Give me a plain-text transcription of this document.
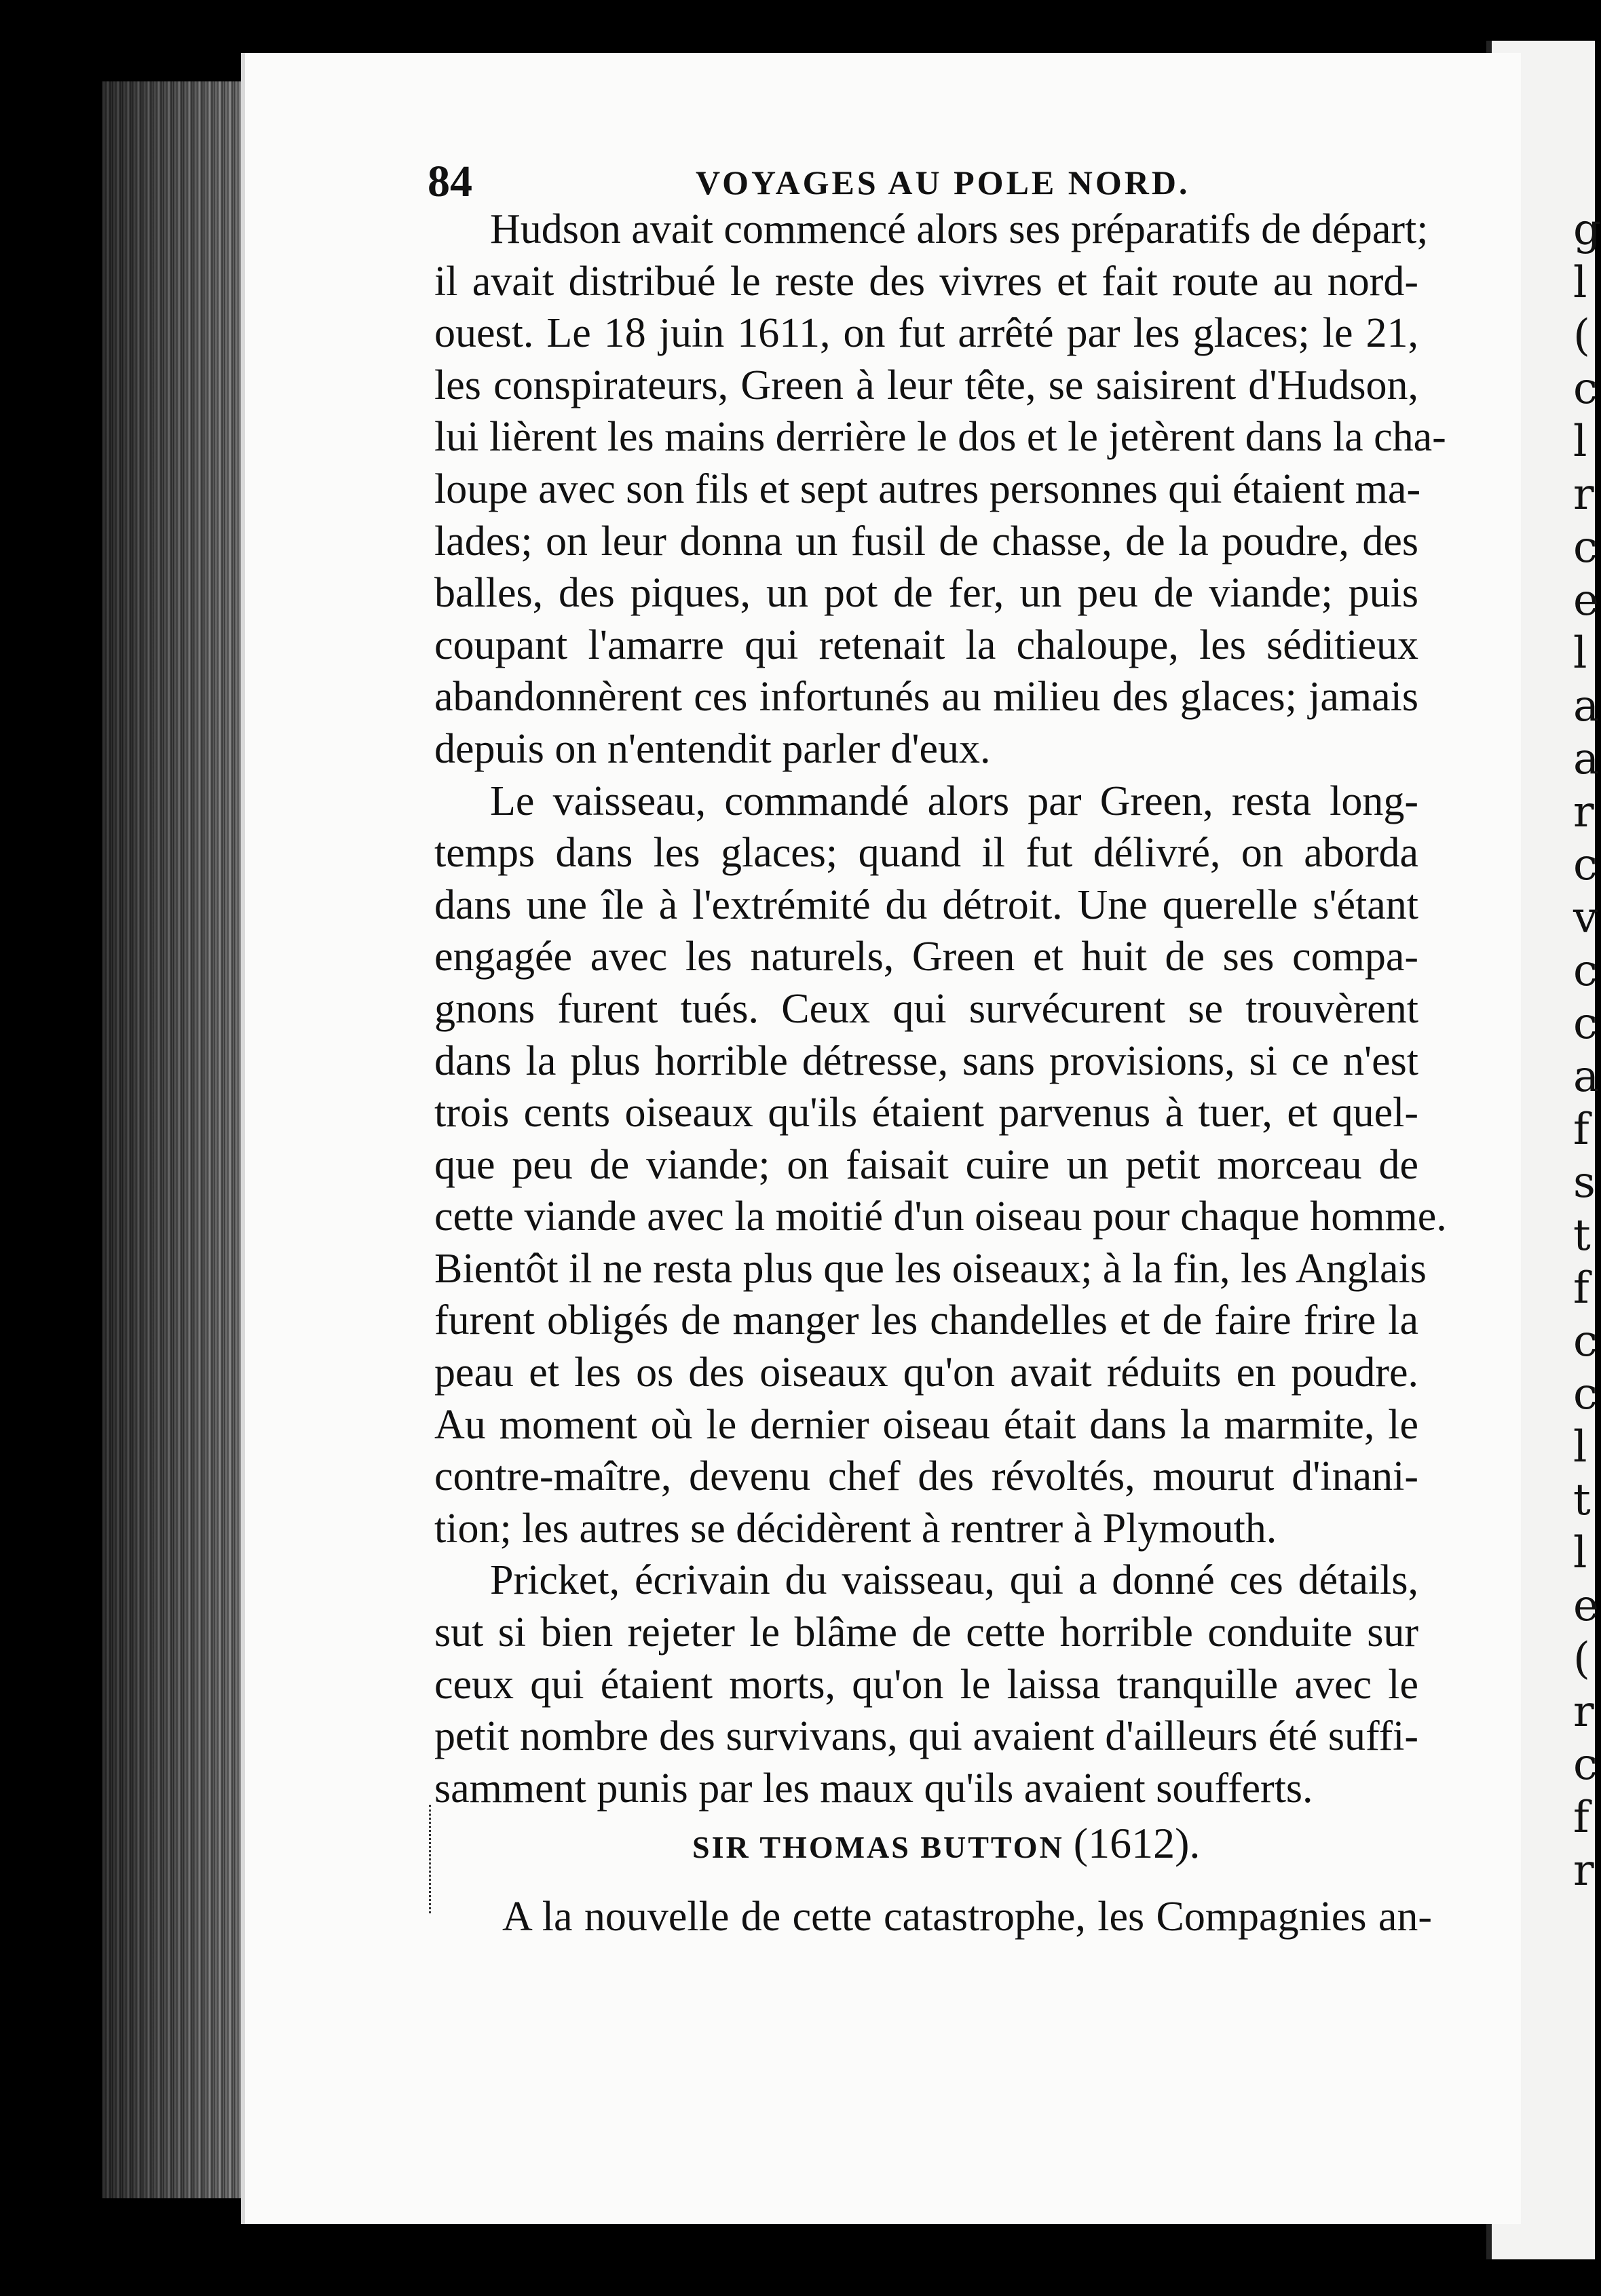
g
l
(
c
l
r
c
e
l
a
a
r
c
v
c
c
a
f
s
t
f
c
c
l
t
l
e
(
r
c
f
r
84	VOYAGES AU POLE NORD.
Hudson avait commencé alors ses préparatifs de départ;
il avait distribué le reste des vivres et fait route au nord-
ouest. Le 18 juin 1611, on fut arrêté par les glaces; le 21,
les conspirateurs, Green à leur tête, se saisirent d'Hudson,
lui lièrent les mains derrière le dos et le jetèrent dans la cha-
loupe avec son fils et sept autres personnes qui étaient ma-
lades; on leur donna un fusil de chasse, de la poudre, des
balles, des piques, un pot de fer, un peu de viande; puis
coupant l'amarre qui retenait la chaloupe, les séditieux
abandonnèrent ces infortunés au milieu des glaces; jamais
depuis on n'entendit parler d'eux.
Le vaisseau, commandé alors par Green, resta long-
temps dans les glaces; quand il fut délivré, on aborda
dans une île à l'extrémité du détroit. Une querelle s'étant
engagée avec les naturels, Green et huit de ses compa-
gnons furent tués. Ceux qui survécurent se trouvèrent
dans la plus horrible détresse, sans provisions, si ce n'est
trois cents oiseaux qu'ils étaient parvenus à tuer, et quel-
que peu de viande; on faisait cuire un petit morceau de
cette viande avec la moitié d'un oiseau pour chaque homme.
Bientôt il ne resta plus que les oiseaux; à la fin, les Anglais
furent obligés de manger les chandelles et de faire frire la
peau et les os des oiseaux qu'on avait réduits en poudre.
Au moment où le dernier oiseau était dans la marmite, le
contre-maître, devenu chef des révoltés, mourut d'inani-
tion; les autres se décidèrent à rentrer à Plymouth.
Pricket, écrivain du vaisseau, qui a donné ces détails,
sut si bien rejeter le blâme de cette horrible conduite sur
ceux qui étaient morts, qu'on le laissa tranquille avec le
petit nombre des survivans, qui avaient d'ailleurs été suffi-
samment punis par les maux qu'ils avaient soufferts.
SIR THOMAS BUTTON (1612).
A la nouvelle de cette catastrophe, les Compagnies an-
